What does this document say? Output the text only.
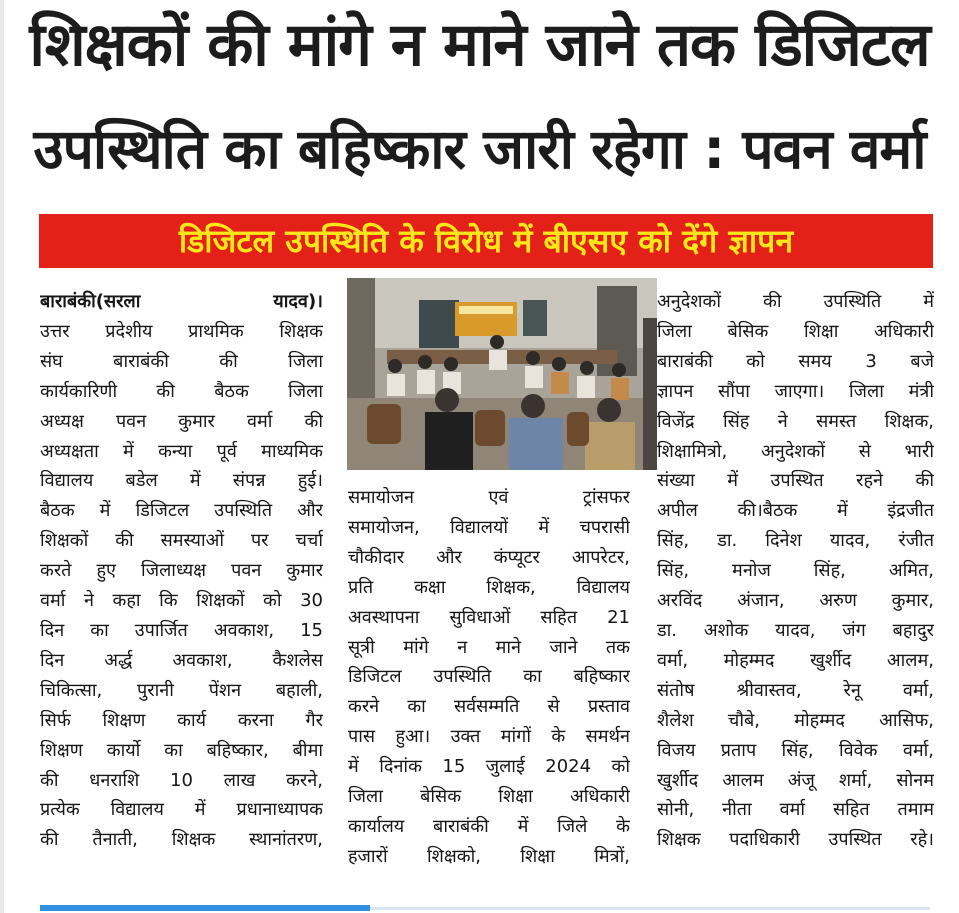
शिक्षकों की मांगे न माने जाने तक डिजिटल
उपस्थिति का बहिष्कार जारी रहेगा : पवन वर्मा
डिजिटल उपस्थिति के विरोध में बीएसए को देंगे ज्ञापन

बाराबंकी(सरला यादव)।

उत्तर प्रदेशीय प्राथमिक शिक्षक

संघ बाराबंकी की जिला

कार्यकारिणी की बैठक जिला

अध्यक्ष पवन कुमार वर्मा की

अध्यक्षता में कन्या पूर्व माध्यमिक

विद्यालय बडेल में संपन्न हुई।

बैठक में डिजिटल उपस्थिति और

शिक्षकों की समस्याओं पर चर्चा

करते हुए जिलाध्यक्ष पवन कुमार

वर्मा ने कहा कि शिक्षकों को 30

दिन का उपार्जित अवकाश, 15

दिन अर्द्ध अवकाश, कैशलेस

चिकित्सा, पुरानी पेंशन बहाली,

सिर्फ शिक्षण कार्य करना गैर

शिक्षण कार्यो का बहिष्कार, बीमा

की धनराशि 10 लाख करने,

प्रत्येक विद्यालय में प्रधानाध्यापक

की तैनाती, शिक्षक स्थानांतरण,

समायोजन एवं ट्रांसफर

समायोजन, विद्यालयों में चपरासी

चौकीदार और कंप्यूटर आपरेटर,

प्रति कक्षा शिक्षक, विद्यालय

अवस्थापना सुविधाओं सहित 21

सूत्री मांगे न माने जाने तक

डिजिटल उपस्थिति का बहिष्कार

करने का सर्वसम्मति से प्रस्ताव

पास हुआ। उक्त मांगों के समर्थन

में दिनांक 15 जुलाई 2024 को

जिला बेसिक शिक्षा अधिकारी

कार्यालय बाराबंकी में जिले के

हजारों शिक्षको, शिक्षा मित्रों,

अनुदेशकों की उपस्थिति में

जिला बेसिक शिक्षा अधिकारी

बाराबंकी को समय 3 बजे

ज्ञापन सौंपा जाएगा। जिला मंत्री

विजेंद्र सिंह ने समस्त शिक्षक,

शिक्षामित्रो, अनुदेशकों से भारी

संख्या में उपस्थित रहने की

अपील की।बैठक में इंद्रजीत

सिंह, डा. दिनेश यादव, रंजीत

सिंह, मनोज सिंह, अमित,

अरविंद अंजान, अरुण कुमार,

डा. अशोक यादव, जंग बहादुर

वर्मा, मोहम्मद खुर्शीद आलम,

संतोष श्रीवास्तव, रेनू वर्मा,

शैलेश चौबे, मोहम्मद आसिफ,

विजय प्रताप सिंह, विवेक वर्मा,

खुर्शीद आलम अंजू शर्मा, सोनम

सोनी, नीता वर्मा सहित तमाम

शिक्षक पदाधिकारी उपस्थित रहे।
